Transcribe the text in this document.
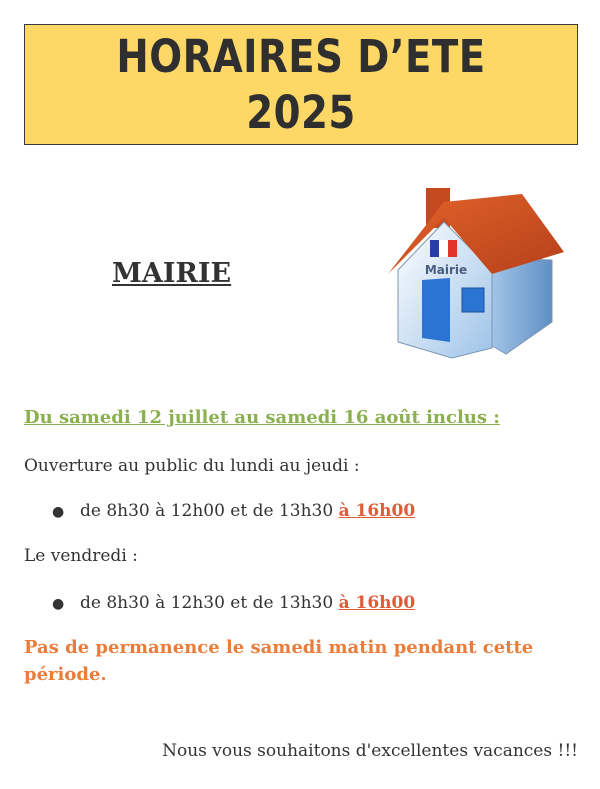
HORAIRES D’ETE
2025
MAIRIE	Mairie
Du samedi 12 juillet au samedi 16 août inclus :
Ouverture au public du lundi au jeudi :
● de 8h30 à 12h00 et de 13h30 à 16h00
Le vendredi :
● de 8h30 à 12h30 et de 13h30 à 16h00
Pas de permanence le samedi matin pendant cette période.
Nous vous souhaitons d'excellentes vacances !!!
